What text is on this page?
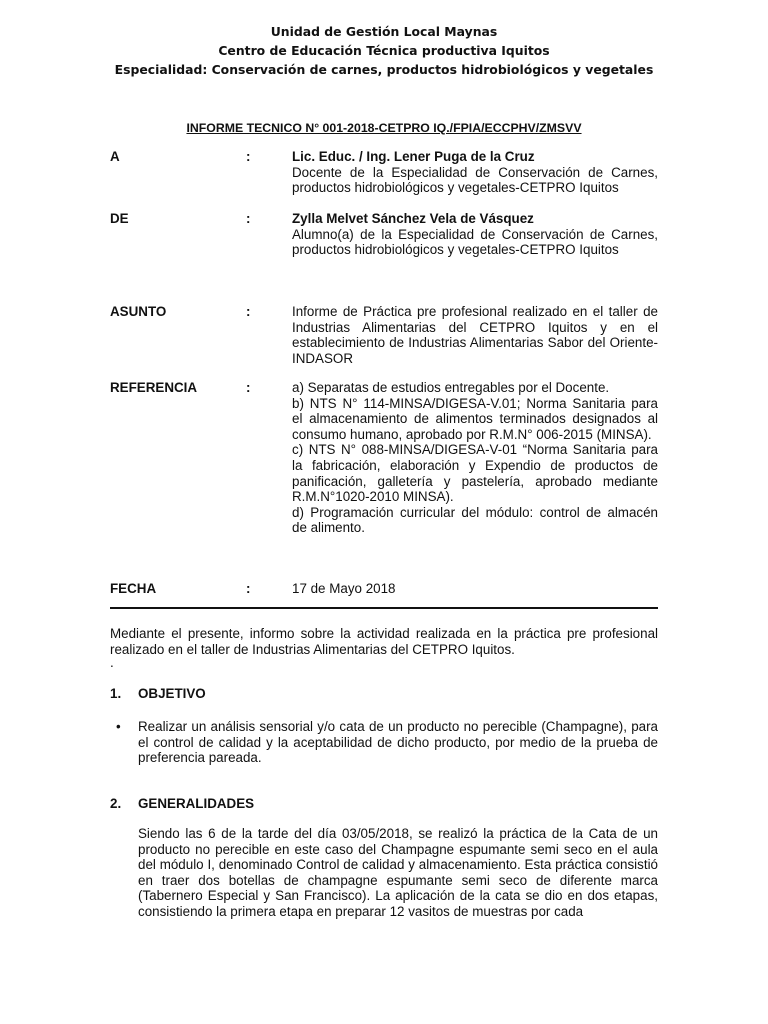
Unidad de Gestión Local Maynas
Centro de Educación Técnica productiva Iquitos
Especialidad: Conservación de carnes, productos hidrobiológicos y vegetales
INFORME TECNICO N° 001-2018-CETPRO IQ./FPIA/ECCPHV/ZMSVV
A	:	Lic. Educ. / Ing. Lener Puga de la Cruz

Docente de la Especialidad de Conservación de Carnes, productos hidrobiológicos y vegetales-CETPRO Iquitos

DE	:	Zylla Melvet Sánchez Vela de Vásquez

Alumno(a) de la Especialidad de Conservación de Carnes, productos hidrobiológicos y vegetales-CETPRO Iquitos

ASUNTO	:	Informe de Práctica pre profesional realizado en el taller de Industrias Alimentarias del CETPRO Iquitos y en el establecimiento de Industrias Alimentarias Sabor del Oriente-INDASOR

REFERENCIA	:	a) Separatas de estudios entregables por el Docente.

b) NTS N° 114-MINSA/DIGESA-V.01; Norma Sanitaria para el almacenamiento de alimentos terminados designados al consumo humano, aprobado por R.M.N° 006-2015 (MINSA).

c) NTS N° 088-MINSA/DIGESA-V-01 “Norma Sanitaria para la fabricación, elaboración y Expendio de productos de panificación, galletería y pastelería, aprobado mediante R.M.N°1020-2010 MINSA).

d) Programación curricular del módulo: control de almacén de alimento.

FECHA	:	17 de Mayo 2018

Mediante el presente, informo sobre la actividad realizada en la práctica pre profesional realizado en el taller de Industrias Alimentarias del CETPRO Iquitos.
.
1. OBJETIVO
• Realizar un análisis sensorial y/o cata de un producto no perecible (Champagne), para el control de calidad y la aceptabilidad de dicho producto, por medio de la prueba de preferencia pareada.
2. GENERALIDADES
Siendo las 6 de la tarde del día 03/05/2018, se realizó la práctica de la Cata de un producto no perecible en este caso del Champagne espumante semi seco en el aula del módulo I, denominado Control de calidad y almacenamiento. Esta práctica consistió en traer dos botellas de champagne espumante semi seco de diferente marca (Tabernero Especial y San Francisco). La aplicación de la cata se dio en dos etapas, consistiendo la primera etapa en preparar 12 vasitos de muestras por cada
